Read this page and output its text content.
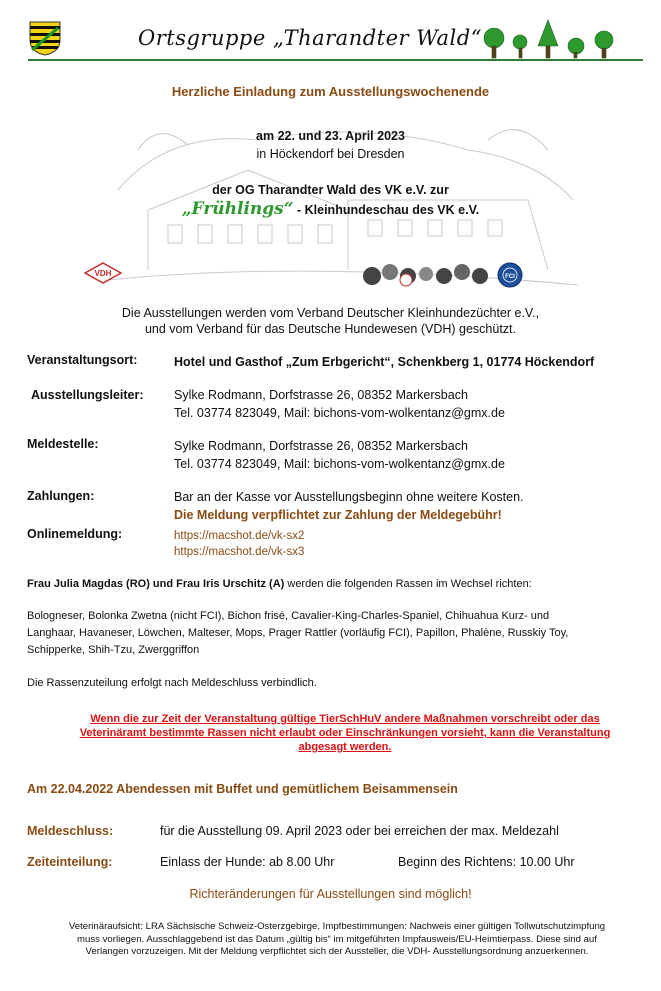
Ortsgruppe „Tharandter Wald“
Herzliche Einladung zum Ausstellungswochenende
am 22. und 23. April 2023
in Höckendorf bei Dresden
der OG Tharandter Wald des VK e.V. zur
„Frühlings“ - Kleinhundeschau des VK e.V.
VDH	FCI
Die Ausstellungen werden vom Verband Deutscher Kleinhundezüchter e.V.,
und vom Verband für das Deutsche Hundewesen (VDH) geschützt.
Veranstaltungsort:	Hotel und Gasthof „Zum Erbgericht“, Schenkberg 1, 01774 Höckendorf
Ausstellungsleiter: Sylke Rodmann, Dorfstrasse 26, 08352 Markersbach
Tel. 03774 823049, Mail: bichons-vom-wolkentanz@gmx.de
Meldestelle:	Sylke Rodmann, Dorfstrasse 26, 08352 Markersbach
Tel. 03774 823049, Mail: bichons-vom-wolkentanz@gmx.de
Zahlungen:	Bar an der Kasse vor Ausstellungsbeginn ohne weitere Kosten.
Die Meldung verpflichtet zur Zahlung der Meldegebühr!
Onlinemeldung:	https://macshot.de/vk-sx2
https://macshot.de/vk-sx3
Frau Julia Magdas (RO) und Frau Iris Urschitz (A) werden die folgenden Rassen im Wechsel richten:
Bologneser, Bolonka Zwetna (nicht FCI), Bichon frisé, Cavalier-King-Charles-Spaniel, Chihuahua Kurz- und
Langhaar, Havaneser, Löwchen, Malteser, Mops, Prager Rattler (vorläufig FCI), Papillon, Phalène, Russkiy Toy,
Schipperke, Shih-Tzu, Zwerggriffon
Die Rassenzuteilung erfolgt nach Meldeschluss verbindlich.
Wenn die zur Zeit der Veranstaltung gültige TierSchHuV andere Maßnahmen vorschreibt oder das
Veterinäramt bestimmte Rassen nicht erlaubt oder Einschränkungen vorsieht, kann die Veranstaltung
abgesagt werden.
Am 22.04.2022 Abendessen mit Buffet und gemütlichem Beisammensein
Meldeschluss:	für die Ausstellung 09. April 2023 oder bei erreichen der max. Meldezahl
Zeiteinteilung:	Einlass der Hunde: ab 8.00 Uhr	Beginn des Richtens: 10.00 Uhr
Richteränderungen für Ausstellungen sind möglich!
Veterinäraufsicht: LRA Sächsische Schweiz-Osterzgebirge, Impfbestimmungen: Nachweis einer gültigen Tollwutschutzimpfung
muss vorliegen. Ausschlaggebend ist das Datum „gültig bis“ im mitgeführten Impfausweis/EU-Heimtierpass. Diese sind auf
Verlangen vorzuzeigen. Mit der Meldung verpflichtet sich der Aussteller, die VDH- Ausstellungsordnung anzuerkennen.
